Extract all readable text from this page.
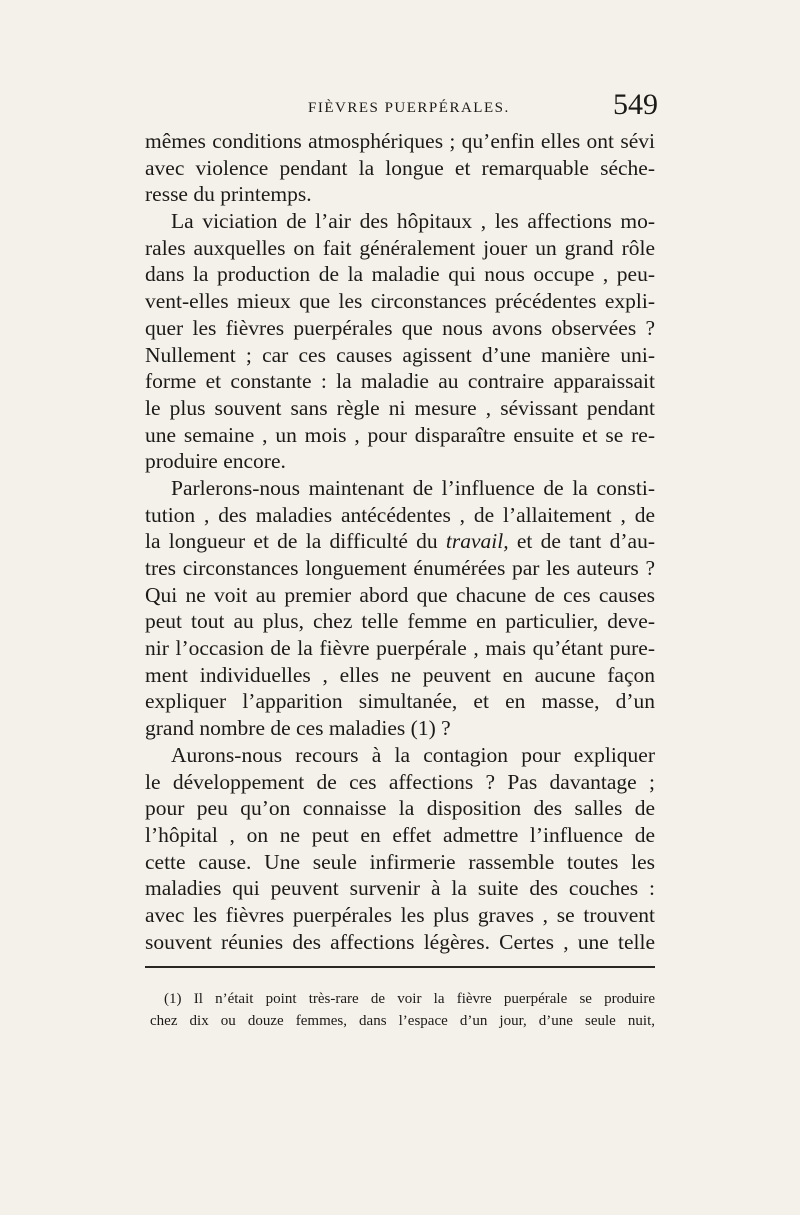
FIÈVRES PUERPÉRALES.	549
mêmes conditions atmosphériques ; qu’enfin elles ont sévi
avec violence pendant la longue et remarquable séche-
resse du printemps.
La viciation de l’air des hôpitaux , les affections mo-
rales auxquelles on fait généralement jouer un grand rôle
dans la production de la maladie qui nous occupe , peu-
vent-elles mieux que les circonstances précédentes expli-
quer les fièvres puerpérales que nous avons observées ?
Nullement ; car ces causes agissent d’une manière uni-
forme et constante : la maladie au contraire apparaissait
le plus souvent sans règle ni mesure , sévissant pendant
une semaine , un mois , pour disparaître ensuite et se re-
produire encore.
Parlerons-nous maintenant de l’influence de la consti-
tution , des maladies antécédentes , de l’allaitement , de
la longueur et de la difficulté du travail, et de tant d’au-
tres circonstances longuement énumérées par les auteurs ?
Qui ne voit au premier abord que chacune de ces causes
peut tout au plus, chez telle femme en particulier, deve-
nir l’occasion de la fièvre puerpérale , mais qu’étant pure-
ment individuelles , elles ne peuvent en aucune façon
expliquer l’apparition simultanée, et en masse, d’un
grand nombre de ces maladies (1) ?
Aurons-nous recours à la contagion pour expliquer
le développement de ces affections ? Pas davantage ;
pour peu qu’on connaisse la disposition des salles de
l’hôpital , on ne peut en effet admettre l’influence de
cette cause. Une seule infirmerie rassemble toutes les
maladies qui peuvent survenir à la suite des couches :
avec les fièvres puerpérales les plus graves , se trouvent
souvent réunies des affections légères. Certes , une telle
(1) Il n’était point très-rare de voir la fièvre puerpérale se produire
chez dix ou douze femmes, dans l’espace d’un jour, d’une seule nuit,
